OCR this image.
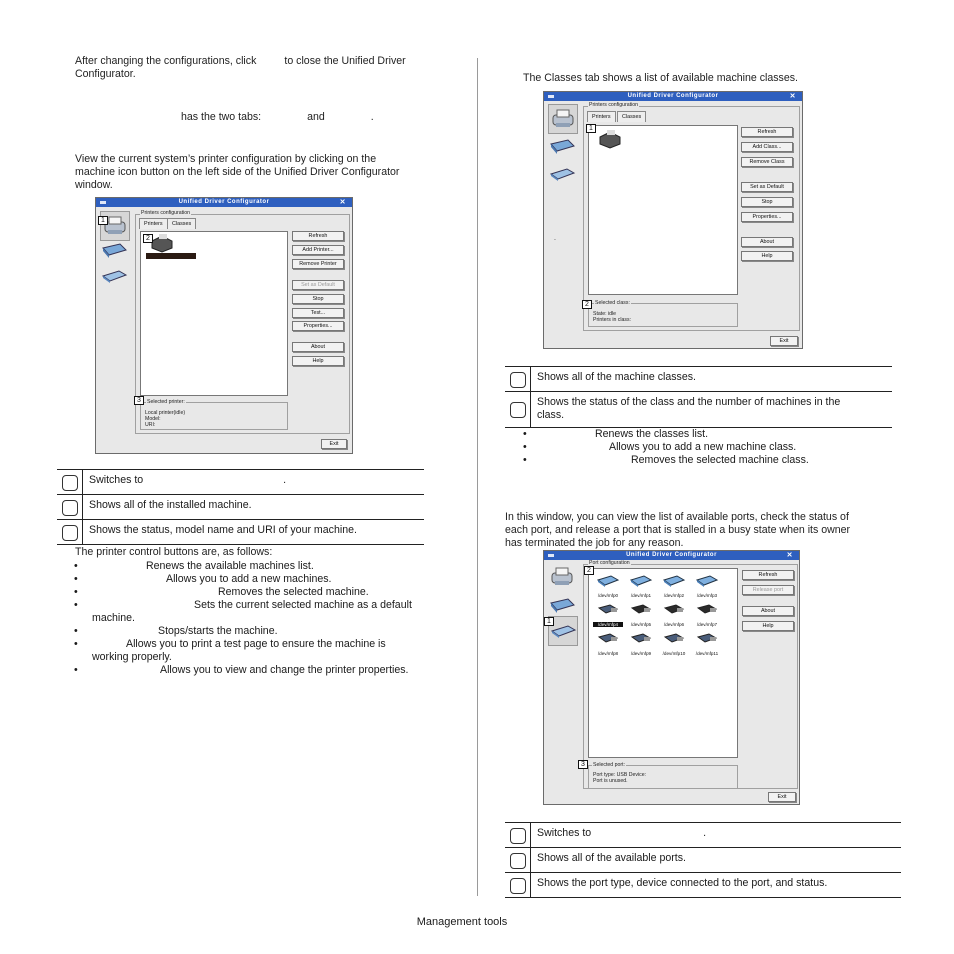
After changing the configurations, click	to close the Unified Driver
Configurator.
has the two tabs:	and	.
View the current system’s printer configuration by clicking on the
machine icon button on the left side of the Unified Driver Configurator
window.
Unified Driver Configurator	✕
1
Printers configuration
Printers	Classes
2	Refresh
Add Printer...
Remove Printer
Set as Default
Stop
Test...
Properties...
About
Help
Local printer(idle)
Model:
URI:
Selected printer:
3
Exit
Switches to	.
Shows all of the installed machine.
Shows the status, model name and URI of your machine.
The printer control buttons are, as follows:
• Renews the available machines list.
• Allows you to add a new machines.
• Removes the selected machine.
• Sets the current selected machine as a default
machine.
• Stops/starts the machine.
• Allows you to print a test page to ensure the machine is
working properly.
• Allows you to view and change the printer properties.
The Classes tab shows a list of available machine classes.
Unified Driver Configurator	✕
.
Printers configuration
Printers	Classes
1	Refresh
Add Class...
Remove Class
Set as Default
Stop
Properties...
About
Help
State: idle
Printers in class:
Selected class:
2
Exit
Shows all of the machine classes.
Shows the status of the class and the number of machines in the
class.
• Renews the classes list.
• Allows you to add a new machine class.
• Removes the selected machine class.
In this window, you can view the list of available ports, check the status of
each port, and release a port that is stalled in a busy state when its owner
has terminated the job for any reason.
Unified Driver Configurator	✕
1
Port configuration
/dev/mfp0	/dev/mfp1	/dev/mfp2	/dev/mfp3
/dev/mfp4	/dev/mfp5	/dev/mfp6	/dev/mfp7
/dev/mfp8	/dev/mfp9	/dev/mfp10	/dev/mfp11
2
Refresh
Release port
About
Help
Port type: USB Device:
Port is unused.
Selected port:
3
Exit
Switches to	.
Shows all of the available ports.
Shows the port type, device connected to the port, and status.
Management tools
